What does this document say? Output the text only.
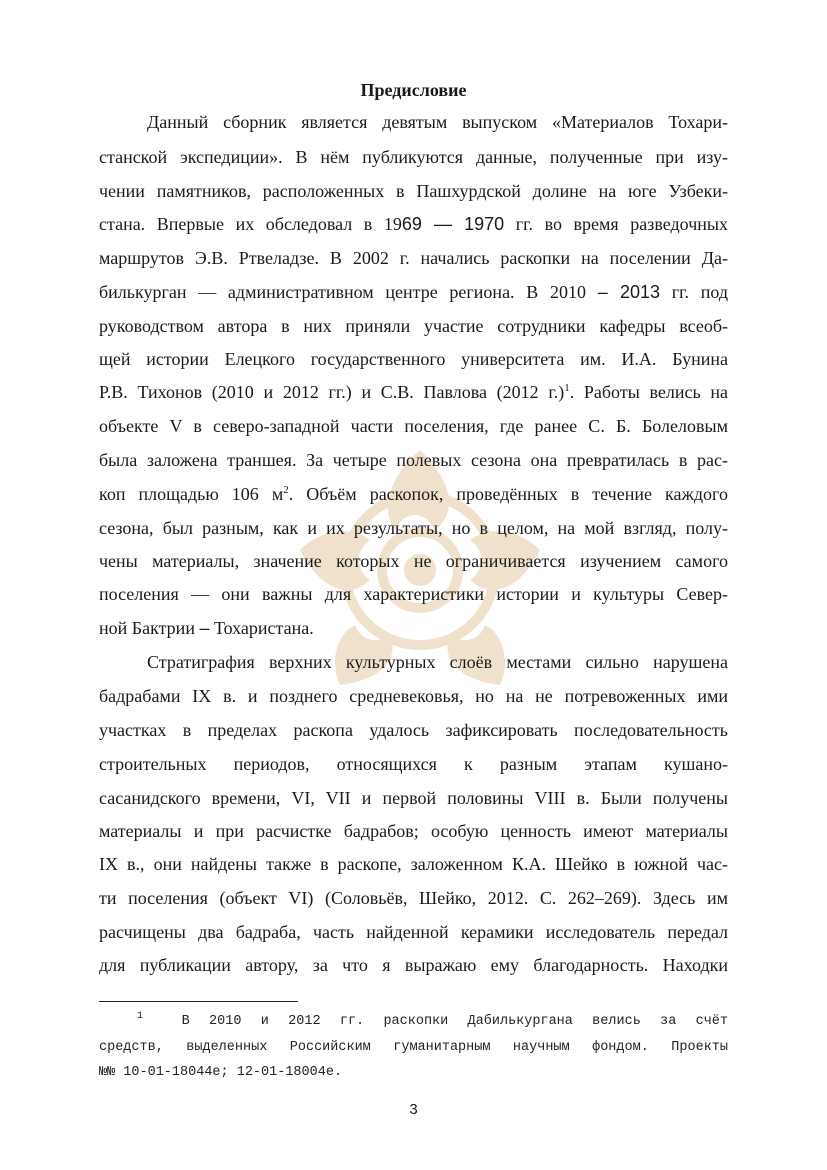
Предисловие
Данный сборник является девятым выпуском «Материалов Тохари-
станской экспедиции». В нём публикуются данные, полученные при изу-
чении памятников, расположенных в Пашхурдской долине на юге Узбеки-
стана. Впервые их обследовал в 1969 — 1970 гг. во время разведочных
маршрутов Э.В. Ртвеладзе. В 2002 г. начались раскопки на поселении Да-
билькурган — административном центре региона. В 2010 – 2013 гг. под
руководством автора в них приняли участие сотрудники кафедры всеоб-
щей истории Елецкого государственного университета им. И.А. Бунина
Р.В. Тихонов (2010 и 2012 гг.) и С.В. Павлова (2012 г.)$^1$. Работы велись на
объекте V в северо-западной части поселения, где ранее С. Б. Болеловым
была заложена траншея. За четыре полевых сезона она превратилась в рас-
коп площадью 106 $м^2$. Объём раскопок, проведённых в течение каждого
сезона, был разным, как и их результаты, но в целом, на мой взгляд, полу-
чены материалы, значение которых не ограничивается изучением самого
поселения — они важны для характеристики истории и культуры Север-
ной Бактрии – Тохаристана.
Стратиграфия верхних культурных слоёв местами сильно нарушена
бадрабами IX в. и позднего средневековья, но на не потревоженных ими
участках в пределах раскопа удалось зафиксировать последовательность
строительных периодов, относящихся к разным этапам кушано-
сасанидского времени, VI, VII и первой половины VIII в. Были получены
материалы и при расчистке бадрабов; особую ценность имеют материалы
IX в., они найдены также в раскопе, заложенном К.А. Шейко в южной час-
ти поселения (объект VI) (Соловьёв, Шейко, 2012. С. 262–269). Здесь им
расчищены два бадраба, часть найденной керамики исследователь передал
для публикации автору, за что я выражаю ему благодарность. Находки
$^1$	В 2010 и 2012 гг. раскопки Дабилькургана велись за счёт
средств, выделенных Российским гуманитарным научным фондом. Проекты
№№ 10-01-18044е; 12-01-18004е.
3
